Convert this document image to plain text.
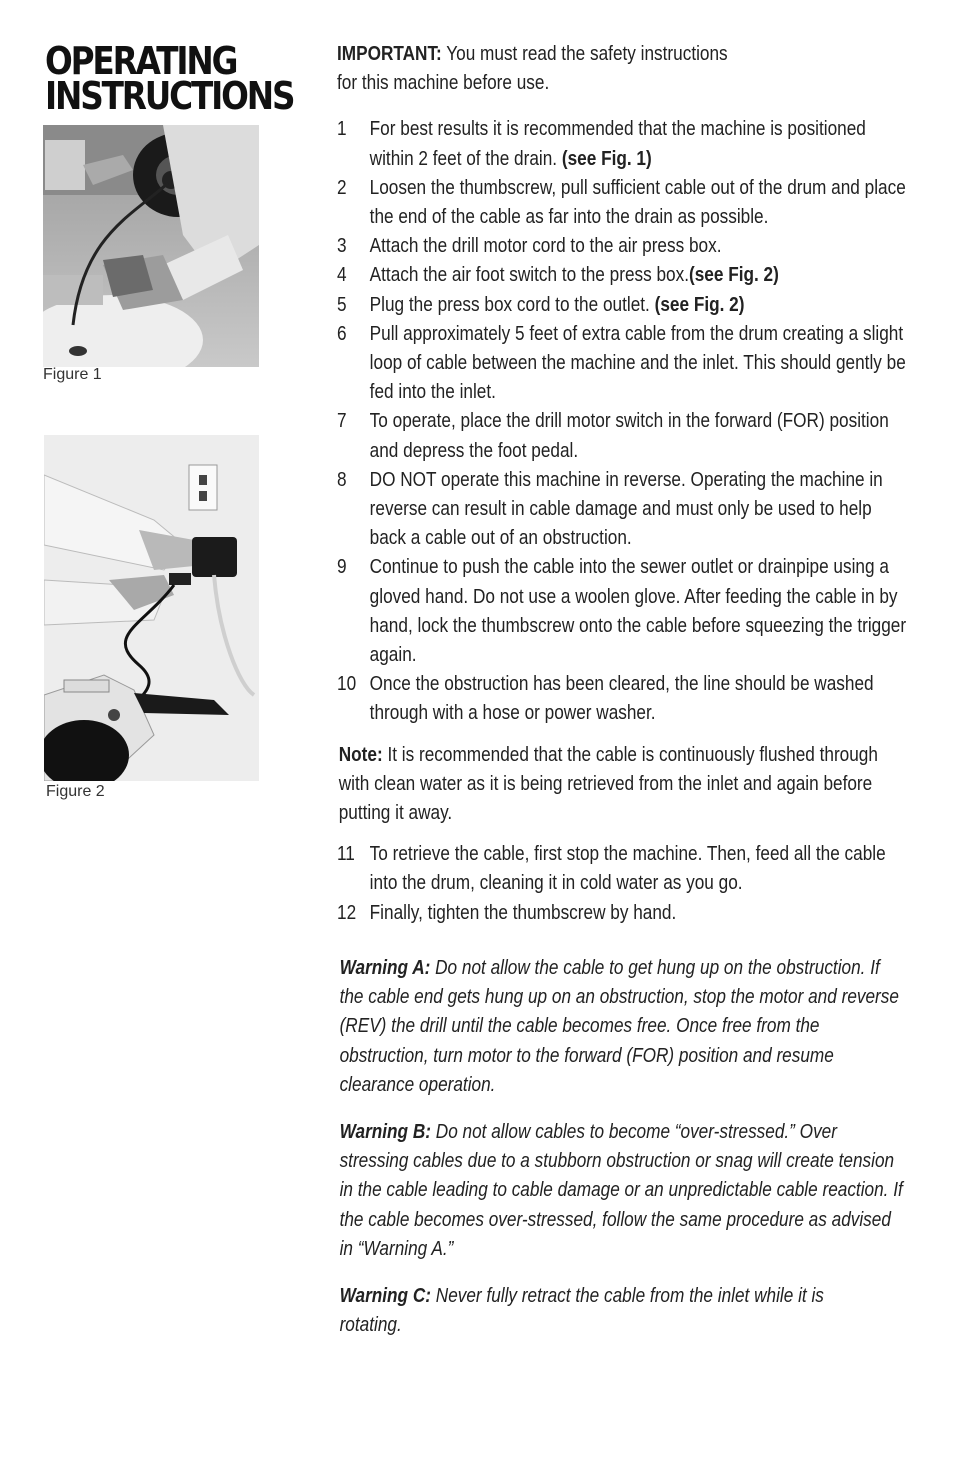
OPERATING
INSTRUCTIONS
Figure 1
Figure 2

IMPORTANT: You must read the safety instructions for this machine before use.

1 For best results it is recommended that the machine is positioned within 2 feet of the drain. (see Fig. 1)
2 Loosen the thumbscrew, pull sufficient cable out of the drum and place the end of the cable as far into the drain as possible.
3 Attach the drill motor cord to the air press box.
4 Attach the air foot switch to the press box.(see Fig. 2)
5 Plug the press box cord to the outlet. (see Fig. 2)
6 Pull approximately 5 feet of extra cable from the drum creating a slight loop of cable between the machine and the inlet. This should gently be fed into the inlet.
7 To operate, place the drill motor switch in the forward (FOR) position and depress the foot pedal.
8 DO NOT operate this machine in reverse. Operating the machine in reverse can result in cable damage and must only be used to help back a cable out of an obstruction.
9 Continue to push the cable into the sewer outlet or drainpipe using a gloved hand. Do not use a woolen glove. After feeding the cable in by hand, lock the thumbscrew onto the cable before squeezing the trigger again.
10 Once the obstruction has been cleared, the line should be washed through with a hose or power washer.

Note: It is recommended that the cable is continuously flushed through with clean water as it is being retrieved from the inlet and again before putting it away.

11 To retrieve the cable, first stop the machine. Then, feed all the cable into the drum, cleaning it in cold water as you go.
12 Finally, tighten the thumbscrew by hand.

Warning A: Do not allow the cable to get hung up on the obstruction. If the cable end gets hung up on an obstruction, stop the motor and reverse (REV) the drill until the cable becomes free. Once free from the obstruction, turn motor to the forward (FOR) position and resume clearance operation.

Warning B: Do not allow cables to become “over-stressed.” Over stressing cables due to a stubborn obstruction or snag will create tension in the cable leading to cable damage or an unpredictable cable reaction. If the cable becomes over-stressed, follow the same procedure as advised in “Warning A.”

Warning C: Never fully retract the cable from the inlet while it is rotating.
